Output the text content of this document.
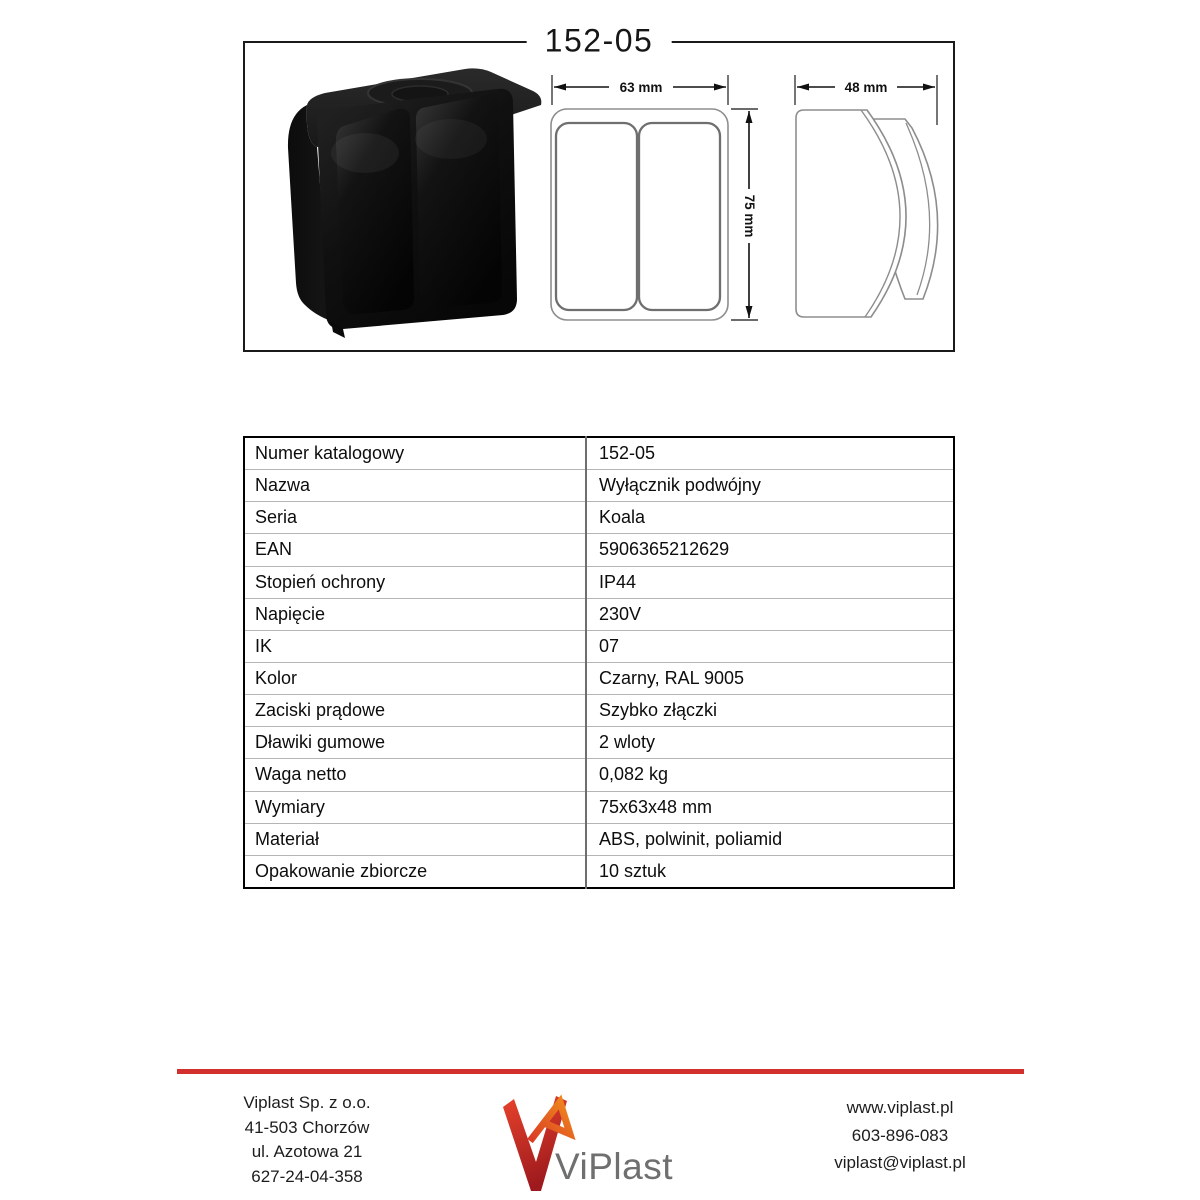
152-05
63 mm
75 mm
48 mm
Numer katalogowy	152-05
Nazwa	Wyłącznik podwójny
Seria	Koala
EAN	5906365212629
Stopień ochrony	IP44
Napięcie	230V
IK	07
Kolor	Czarny, RAL 9005
Zaciski prądowe	Szybko złączki
Dławiki gumowe	2 wloty
Waga netto	0,082 kg
Wymiary	75x63x48 mm
Materiał	ABS, polwinit, poliamid
Opakowanie zbiorcze	10 sztuk
Viplast Sp. z o.o.
41-503 Chorzów
ul. Azotowa 21
627-24-04-358	ViPlast
www.viplast.pl
603-896-083
viplast@viplast.pl
